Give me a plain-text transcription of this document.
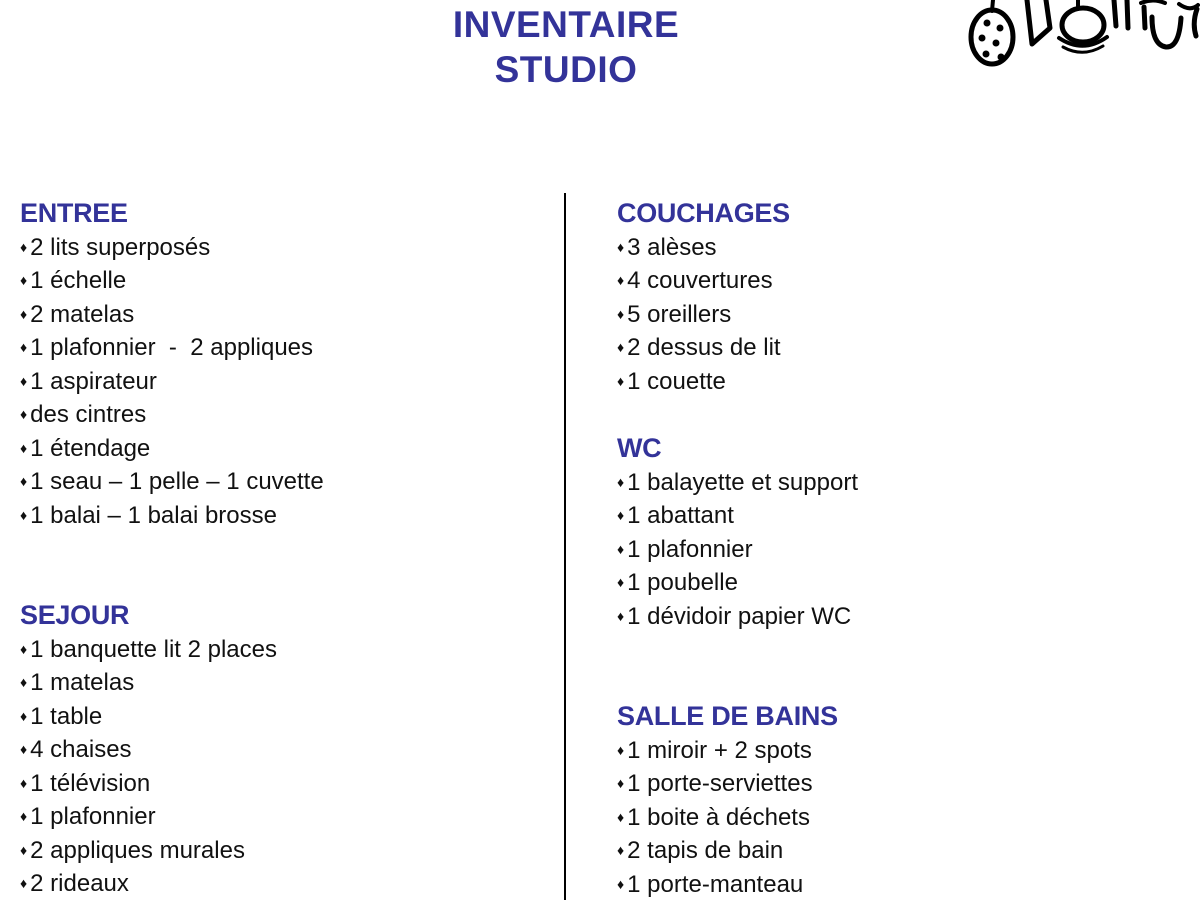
INVENTAIRE
STUDIO
ENTREE
♦ 2 lits superposés
♦ 1 échelle
♦ 2 matelas
♦ 1 plafonnier  -  2 appliques
♦ 1 aspirateur
♦ des cintres
♦ 1 étendage
♦ 1 seau – 1 pelle – 1 cuvette
♦ 1 balai – 1 balai brosse
SEJOUR
♦ 1 banquette lit 2 places
♦ 1 matelas
♦ 1 table
♦ 4 chaises
♦ 1 télévision
♦ 1 plafonnier
♦ 2 appliques murales
♦ 2 rideaux
COUCHAGES
♦ 3 alèses
♦ 4 couvertures
♦ 5 oreillers
♦ 2 dessus de lit
♦ 1 couette
WC
♦ 1 balayette et support
♦ 1 abattant
♦ 1 plafonnier
♦ 1 poubelle
♦ 1 dévidoir papier WC
SALLE DE BAINS
♦ 1 miroir + 2 spots
♦ 1 porte-serviettes
♦ 1 boite à déchets
♦ 2 tapis de bain
♦ 1 porte-manteau
